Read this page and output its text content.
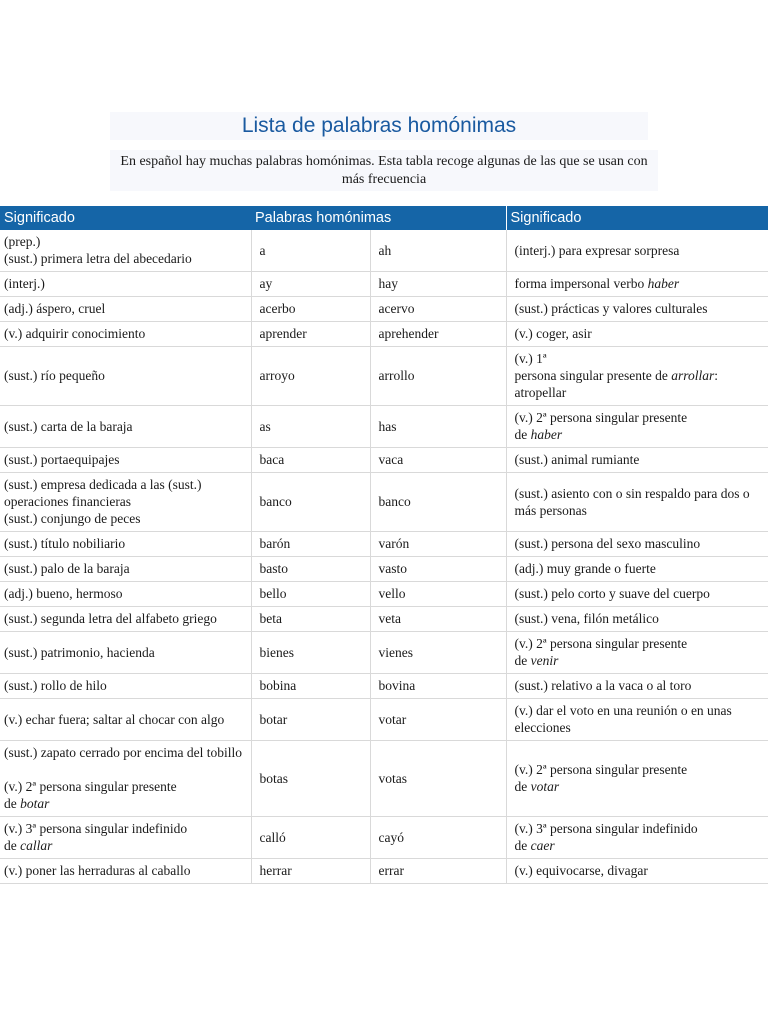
Lista de palabras homónimas
En español hay muchas palabras homónimas. Esta tabla recoge algunas de las que se usan con más frecuencia
Significado	Palabras homónimas		Significado

(prep.)
(sust.) primera letra del abecedario	a	ah	(interj.) para expresar sorpresa

(interj.)	ay	hay	forma impersonal verbo haber

(adj.) áspero, cruel	acerbo	acervo	(sust.) prácticas y valores culturales

(v.) adquirir conocimiento	aprender	aprehender	(v.) coger, asir

(sust.) río pequeño	arroyo	arrollo	(v.) 1ª
persona singular presente de arrollar: atropellar

(sust.) carta de la baraja	as	has	(v.) 2ª persona singular presente
de haber

(sust.) portaequipajes	baca	vaca	(sust.) animal rumiante

(sust.) empresa dedicada a las (sust.) operaciones financieras
(sust.) conjungo de peces	banco	banco	(sust.) asiento con o sin respaldo para dos o más personas

(sust.) título nobiliario	barón	varón	(sust.) persona del sexo masculino

(sust.) palo de la baraja	basto	vasto	(adj.) muy grande o fuerte

(adj.) bueno, hermoso	bello	vello	(sust.) pelo corto y suave del cuerpo

(sust.) segunda letra del alfabeto griego	beta	veta	(sust.) vena, filón metálico

(sust.) patrimonio, hacienda	bienes	vienes	(v.) 2ª persona singular presente
de venir

(sust.) rollo de hilo	bobina	bovina	(sust.) relativo a la vaca o al toro

(v.) echar fuera; saltar al chocar con algo	botar	votar	(v.) dar el voto en una reunión o en unas elecciones

(sust.) zapato cerrado por encima del tobillo
(v.) 2ª persona singular presente
de botar	botas	votas	(v.) 2ª persona singular presente
de votar

(v.) 3ª persona singular indefinido
de callar	calló	cayó	(v.) 3ª persona singular indefinido
de caer

(v.) poner las herraduras al caballo	herrar	errar	(v.) equivocarse, divagar
